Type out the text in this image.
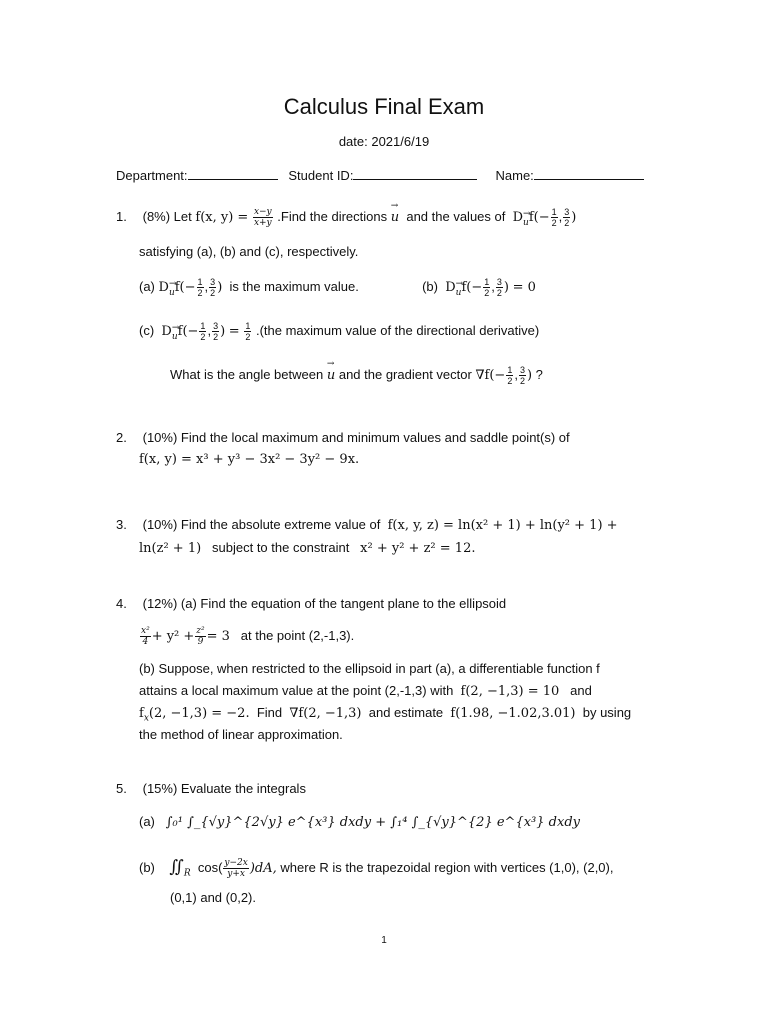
Calculus Final Exam
date: 2021/6/19
Department:	Student ID:	Name:
1. (8%) Let f(x, $y) = \frac{x-y}{x+y}$ .Find the directions → u and the values of $D\to uf(- \frac{1}{2}$ , $\frac{3}{2}$ )
satisfying (a), (b) and (c), respectively.
(a) $D\to uf(- \frac{1}{2}$ , $\frac{3}{2}$ ) is the maximum value.	(b) $D\to uf(- \frac{1}{2}$ , $\frac{3}{2}$ ) = 0
(c) $D\to uf(- \frac{1}{2}$ , $\frac{3}{2}$ ) = $\frac{1}{2} .(the$ maximum value of the directional derivative)
What is the angle between → u and the gradient vector $\nabla f(- \frac{1}{2}$ , $\frac{3}{2}$ ) ?
2. (10%) Find the local maximum and minimum values and saddle point(s) of
f(x, y) = x³ + y³ − 3x² − 3y² − 9x.
3. (10%) Find the absolute extreme value of f(x, y, z) = ln(x² + 1) + ln(y² + 1) +
ln(z² + 1) subject to the constraint x² + y² + z² = 12.
4. (12%) (a) Find the equation of the tangent plane to the ellipsoid
$\frac{\text{x²}}{4} + y^2 + \frac{\text{z²}}{9} = 3$ at the point (2,-1,3).
(b) Suppose, when restricted to the ellipsoid in part (a), a differentiable function f
attains a local maximum value at the point (2,-1,3) with f(2, −1,3) = 10 and
$f_x(2$, −1,3) = −2. Find ∇f(2, −1,3) and estimate f(1.98, −1.02,3.01) by using
the method of linear approximation.
5. (15%) Evaluate the integrals
(a) ∫₀¹ ∫_{√y}^{2√y} e^{x³} dxdy + ∫₁⁴ ∫_{√y}^{2} e^{x³} dxdy
(b) $∬_R$ $\cos( \frac{y-2x}{y+x} )dA$, where R is the trapezoidal region with vertices (1,0), (2,0),
(0,1) and (0,2).
1
